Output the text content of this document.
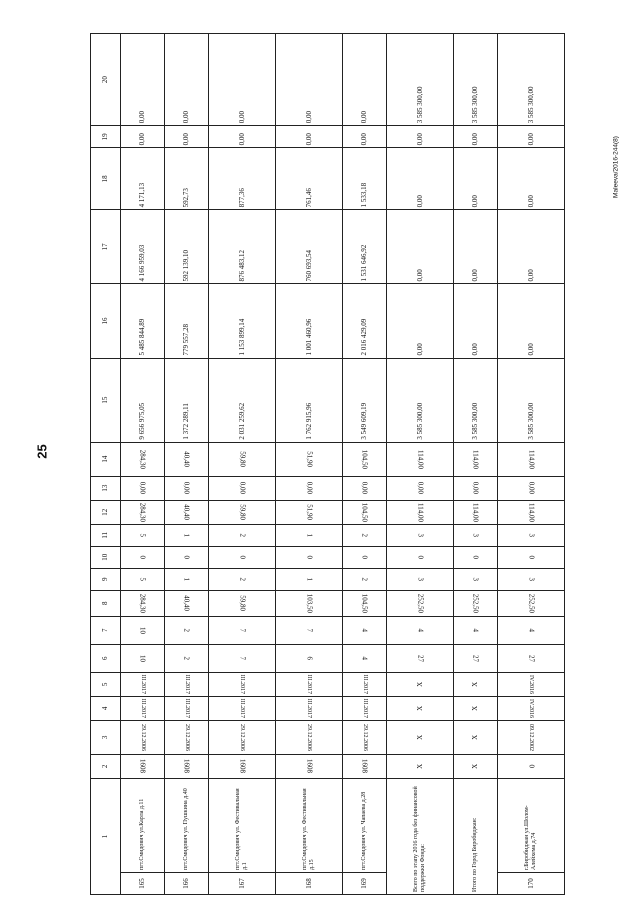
25
Маleeva/2016-244(8)
1		2	3	4	5	6	7	8	9	10	11	12	13	14	15	16	17	18	19	20
165	пгт.Смидович ул.Карла д.11	1608	29.12.2006	III.2017	III.2017	10	10	284,30	5	0	5	284,30	0,00	284,30	9 656 975,05	5 485 844,89	4 166 959,03	4 171,13	0,00	0,00
166	пгт.Смидович ул. Пушкина д.40	1608	29.12.2006	III.2017	III.2017	2	2	40,40	1	0	1	40,40	0,00	40,40	1 372 289,11	779 557,28	592 139,10	592,73	0,00	0,00
167	пгт.Смидович ул. Фестивальная д.1	1608	29.12.2006	III.2017	III.2017	7	7	59,80	2	0	2	59,80	0,00	59,80	2 031 259,62	1 153 899,14	876 483,12	877,36	0,00	0,00
168	пгт.Смидович ул. Фестивальная д.15	1608	29.12.2006	III.2017	III.2017	6	7	103,50	1	0	1	51,90	0,00	51,90	1 762 915,96	1 001 460,96	760 693,54	761,46	0,00	0,00
169	пгт.Смидович ул. Чапаева д.28	1608	29.12.2006	III.2017	III.2017	4	4	104,50	2	0	2	104,50	0,00	104,50	3 549 609,19	2 016 429,09	1 531 646,92	1 533,18	0,00	0,00
Всего по этапу 2016 года без финансовой поддержки Фонда:		X	X	X	X	27	4	252,50	3	0	3	114,00	0,00	114,00	3 585 300,00	0,00	0,00	0,00	0,00	3 585 300,00
Итого по Город Биробиджан:		X	X	X	X	27	4	252,50	3	0	3	114,00	0,00	114,00	3 585 300,00	0,00	0,00	0,00	0,00	3 585 300,00
170	г.Биробиджан ул.Шолом-Алейхема д.74	0	09.12.2002	IV.2016	IV.2016	27	4	252,50	3	0	3	114,00	0,00	114,00	3 585 300,00	0,00	0,00	0,00	0,00	3 585 300,00
